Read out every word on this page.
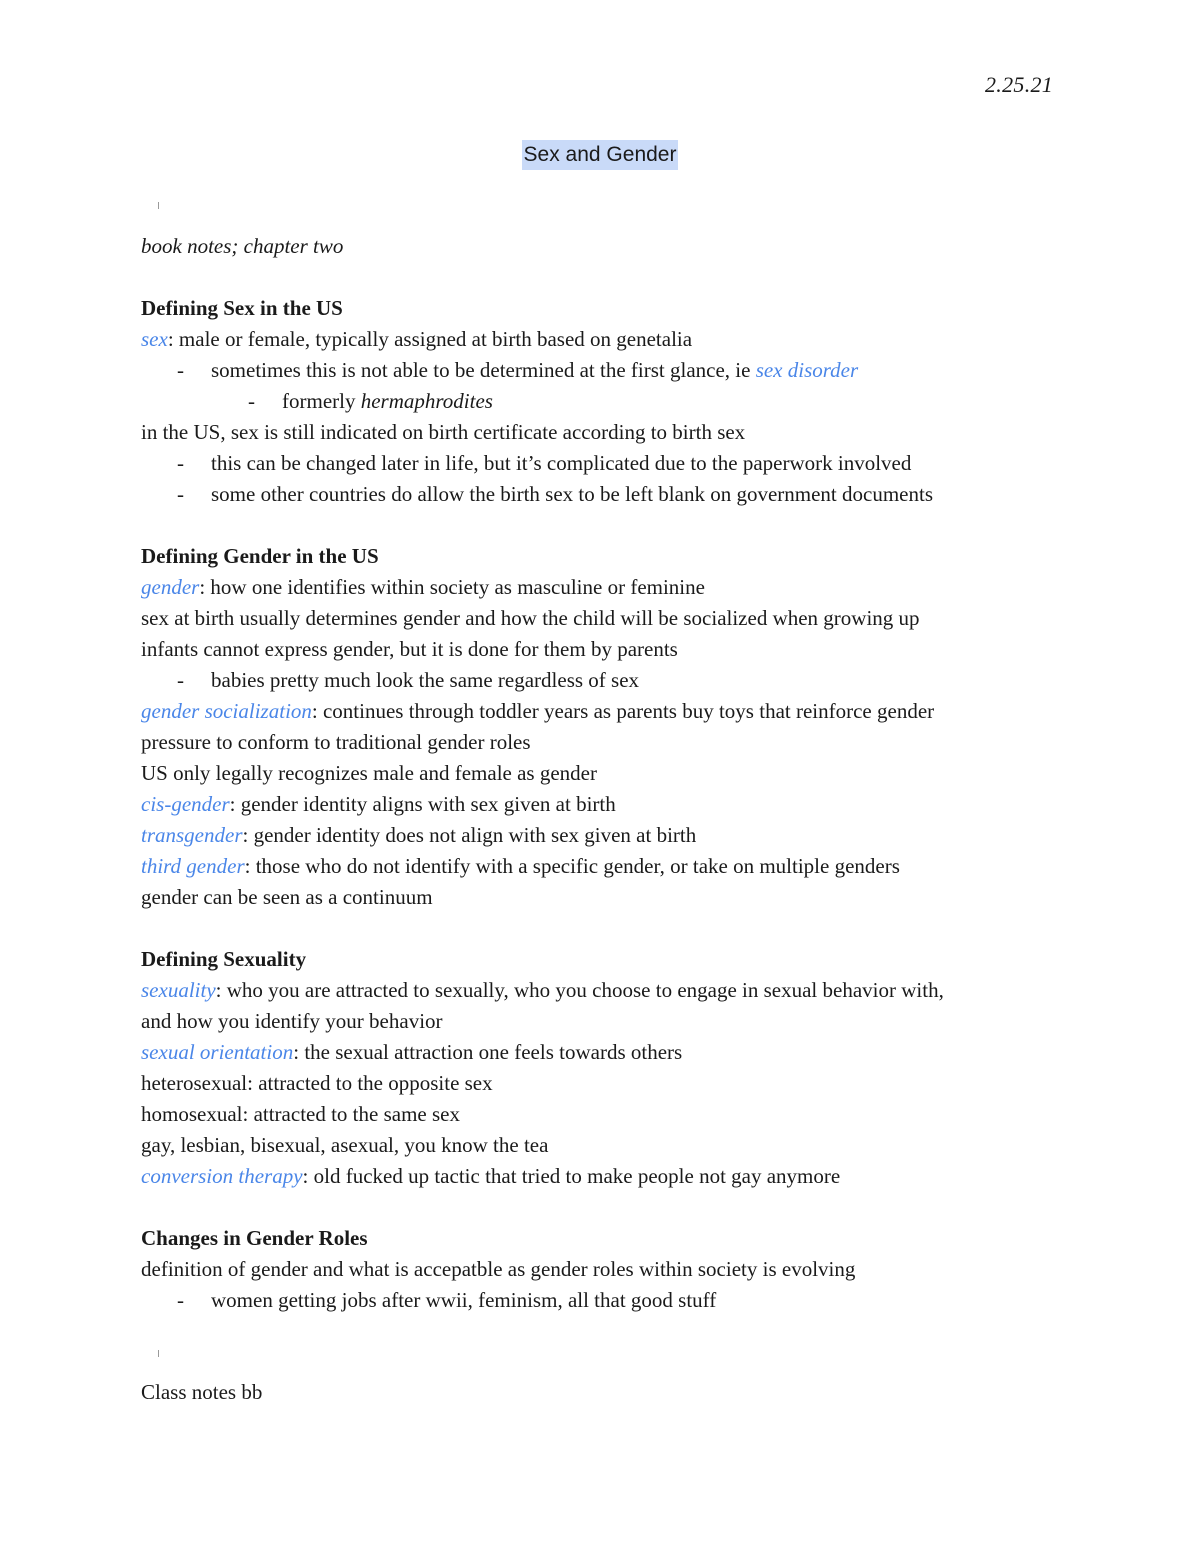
2.25.21
Sex and Gender
book notes; chapter two
Defining Sex in the US
sex: male or female, typically assigned at birth based on genetalia
- sometimes this is not able to be determined at the first glance, ie sex disorder
- formerly hermaphrodites
in the US, sex is still indicated on birth certificate according to birth sex
- this can be changed later in life, but it’s complicated due to the paperwork involved
- some other countries do allow the birth sex to be left blank on government documents
Defining Gender in the US
gender: how one identifies within society as masculine or feminine
sex at birth usually determines gender and how the child will be socialized when growing up
infants cannot express gender, but it is done for them by parents
- babies pretty much look the same regardless of sex
gender socialization: continues through toddler years as parents buy toys that reinforce gender
pressure to conform to traditional gender roles
US only legally recognizes male and female as gender
cis-gender: gender identity aligns with sex given at birth
transgender: gender identity does not align with sex given at birth
third gender: those who do not identify with a specific gender, or take on multiple genders
gender can be seen as a continuum
Defining Sexuality
sexuality: who you are attracted to sexually, who you choose to engage in sexual behavior with,
and how you identify your behavior
sexual orientation: the sexual attraction one feels towards others
heterosexual: attracted to the opposite sex
homosexual: attracted to the same sex
gay, lesbian, bisexual, asexual, you know the tea
conversion therapy: old fucked up tactic that tried to make people not gay anymore
Changes in Gender Roles
definition of gender and what is accepatble as gender roles within society is evolving
- women getting jobs after wwii, feminism, all that good stuff
Class notes bb
